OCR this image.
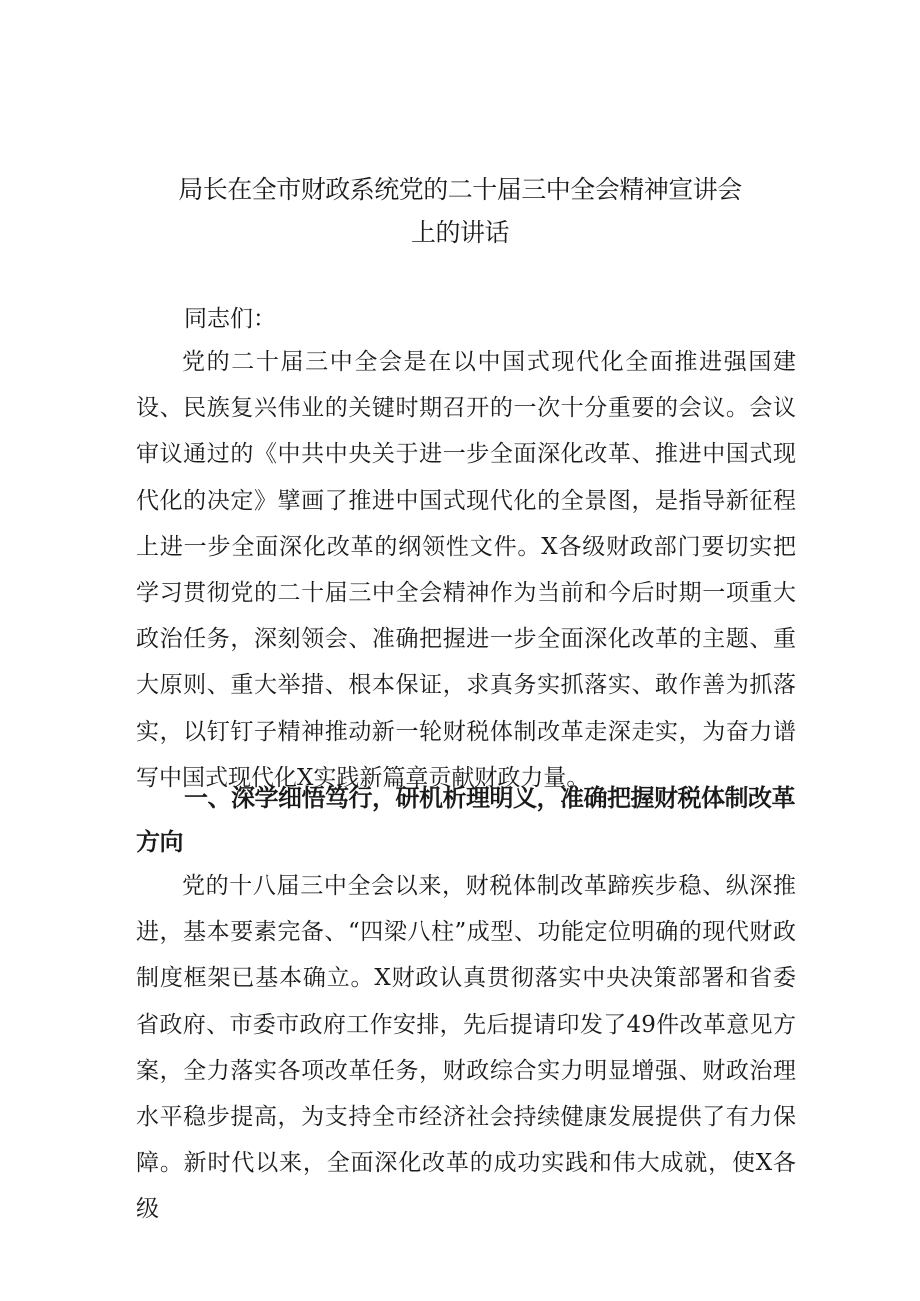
局长在全市财政系统党的二十届三中全会精神宣讲会
上的讲话

同志们：

党的二十届三中全会是在以中国式现代化全面推进强国建设、民族复兴伟业的关键时期召开的一次十分重要的会议。会议审议通过的《中共中央关于进一步全面深化改革、推进中国式现代化的决定》擘画了推进中国式现代化的全景图，是指导新征程上进一步全面深化改革的纲领性文件。X各级财政部门要切实把学习贯彻党的二十届三中全会精神作为当前和今后时期一项重大政治任务，深刻领会、准确把握进一步全面深化改革的主题、重大原则、重大举措、根本保证，求真务实抓落实、敢作善为抓落实，以钉钉子精神推动新一轮财税体制改革走深走实，为奋力谱写中国式现代化X实践新篇章贡献财政力量。

一、深学细悟笃行，研机析理明义，准确把握财税体制改革方向

党的十八届三中全会以来，财税体制改革蹄疾步稳、纵深推进，基本要素完备、“四梁八柱”成型、功能定位明确的现代财政制度框架已基本确立。X财政认真贯彻落实中央决策部署和省委省政府、市委市政府工作安排，先后提请印发了49件改革意见方案，全力落实各项改革任务，财政综合实力明显增强、财政治理水平稳步提高，为支持全市经济社会持续健康发展提供了有力保障。新时代以来，全面深化改革的成功实践和伟大成就，使X各级
